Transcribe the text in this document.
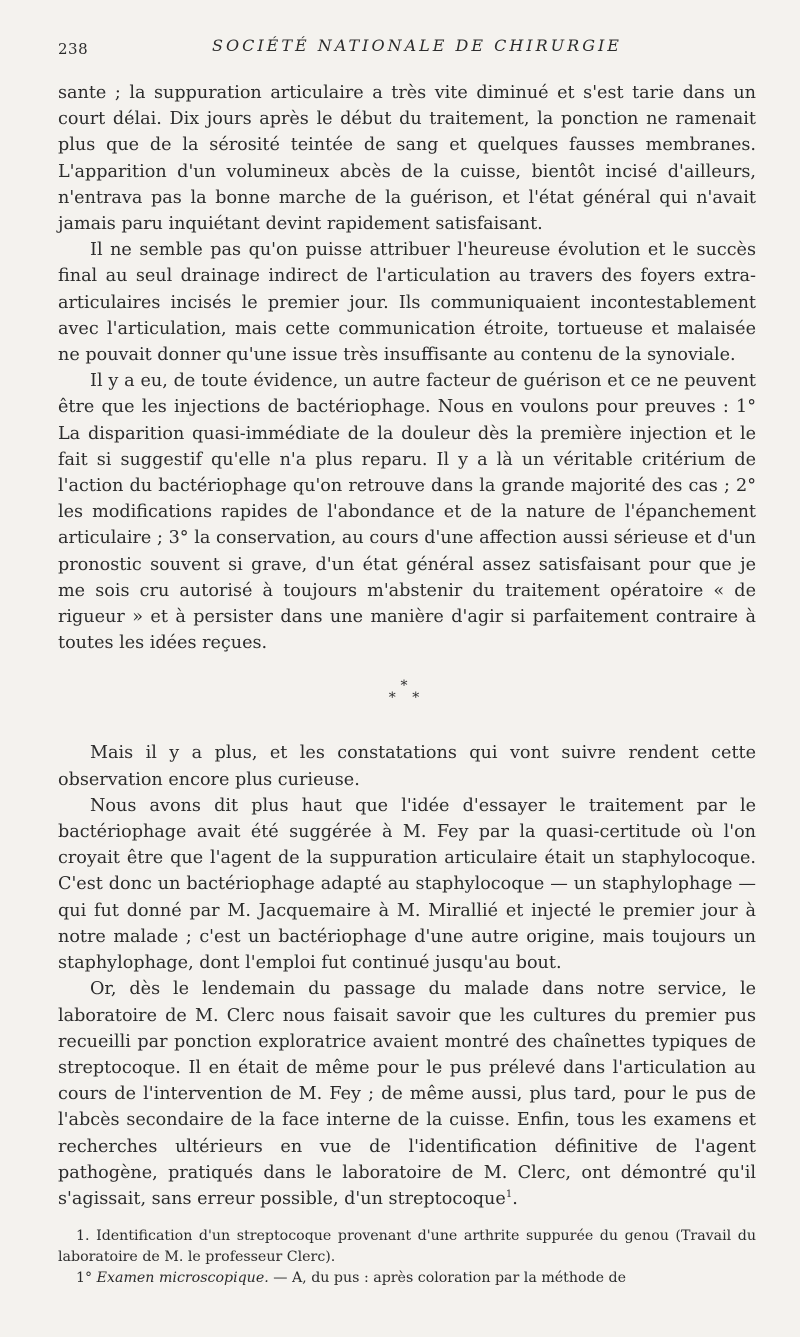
238	SOCIÉTÉ NATIONALE DE CHIRURGIE

sante ; la suppuration articulaire a très vite diminué et s'est tarie dans un court délai. Dix jours après le début du traitement, la ponction ne ramenait plus que de la sérosité teintée de sang et quelques fausses membranes. L'apparition d'un volumineux abcès de la cuisse, bientôt incisé d'ailleurs, n'entrava pas la bonne marche de la guérison, et l'état général qui n'avait jamais paru inquiétant devint rapidement satisfaisant.

Il ne semble pas qu'on puisse attribuer l'heureuse évolution et le succès final au seul drainage indirect de l'articulation au travers des foyers extra-articulaires incisés le premier jour. Ils communiquaient incontestablement avec l'articulation, mais cette communication étroite, tortueuse et malaisée ne pouvait donner qu'une issue très insuffisante au contenu de la synoviale.

Il y a eu, de toute évidence, un autre facteur de guérison et ce ne peuvent être que les injections de bactériophage. Nous en voulons pour preuves : 1° La disparition quasi-immédiate de la douleur dès la première injection et le fait si suggestif qu'elle n'a plus reparu. Il y a là un véritable critérium de l'action du bactériophage qu'on retrouve dans la grande majorité des cas ; 2° les modifications rapides de l'abondance et de la nature de l'épanchement articulaire ; 3° la conservation, au cours d'une affection aussi sérieuse et d'un pronostic souvent si grave, d'un état général assez satisfaisant pour que je me sois cru autorisé à toujours m'abstenir du traitement opératoire « de rigueur » et à persister dans une manière d'agir si parfaitement contraire à toutes les idées reçues.

*
* *

Mais il y a plus, et les constatations qui vont suivre rendent cette observation encore plus curieuse.

Nous avons dit plus haut que l'idée d'essayer le traitement par le bactériophage avait été suggérée à M. Fey par la quasi-certitude où l'on croyait être que l'agent de la suppuration articulaire était un staphylocoque. C'est donc un bactériophage adapté au staphylocoque — un staphylophage — qui fut donné par M. Jacquemaire à M. Mirallié et injecté le premier jour à notre malade ; c'est un bactériophage d'une autre origine, mais toujours un staphylophage, dont l'emploi fut continué jusqu'au bout.

Or, dès le lendemain du passage du malade dans notre service, le laboratoire de M. Clerc nous faisait savoir que les cultures du premier pus recueilli par ponction exploratrice avaient montré des chaînettes typiques de streptocoque. Il en était de même pour le pus prélevé dans l'articulation au cours de l'intervention de M. Fey ; de même aussi, plus tard, pour le pus de l'abcès secondaire de la face interne de la cuisse. Enfin, tous les examens et recherches ultérieurs en vue de l'identification définitive de l'agent pathogène, pratiqués dans le laboratoire de M. Clerc, ont démontré qu'il s'agissait, sans erreur possible, d'un streptocoque$^1$.

1. Identification d'un streptocoque provenant d'une arthrite suppurée du genou (Travail du laboratoire de M. le professeur Clerc).

1° Examen microscopique. — A, du pus : après coloration par la méthode de
